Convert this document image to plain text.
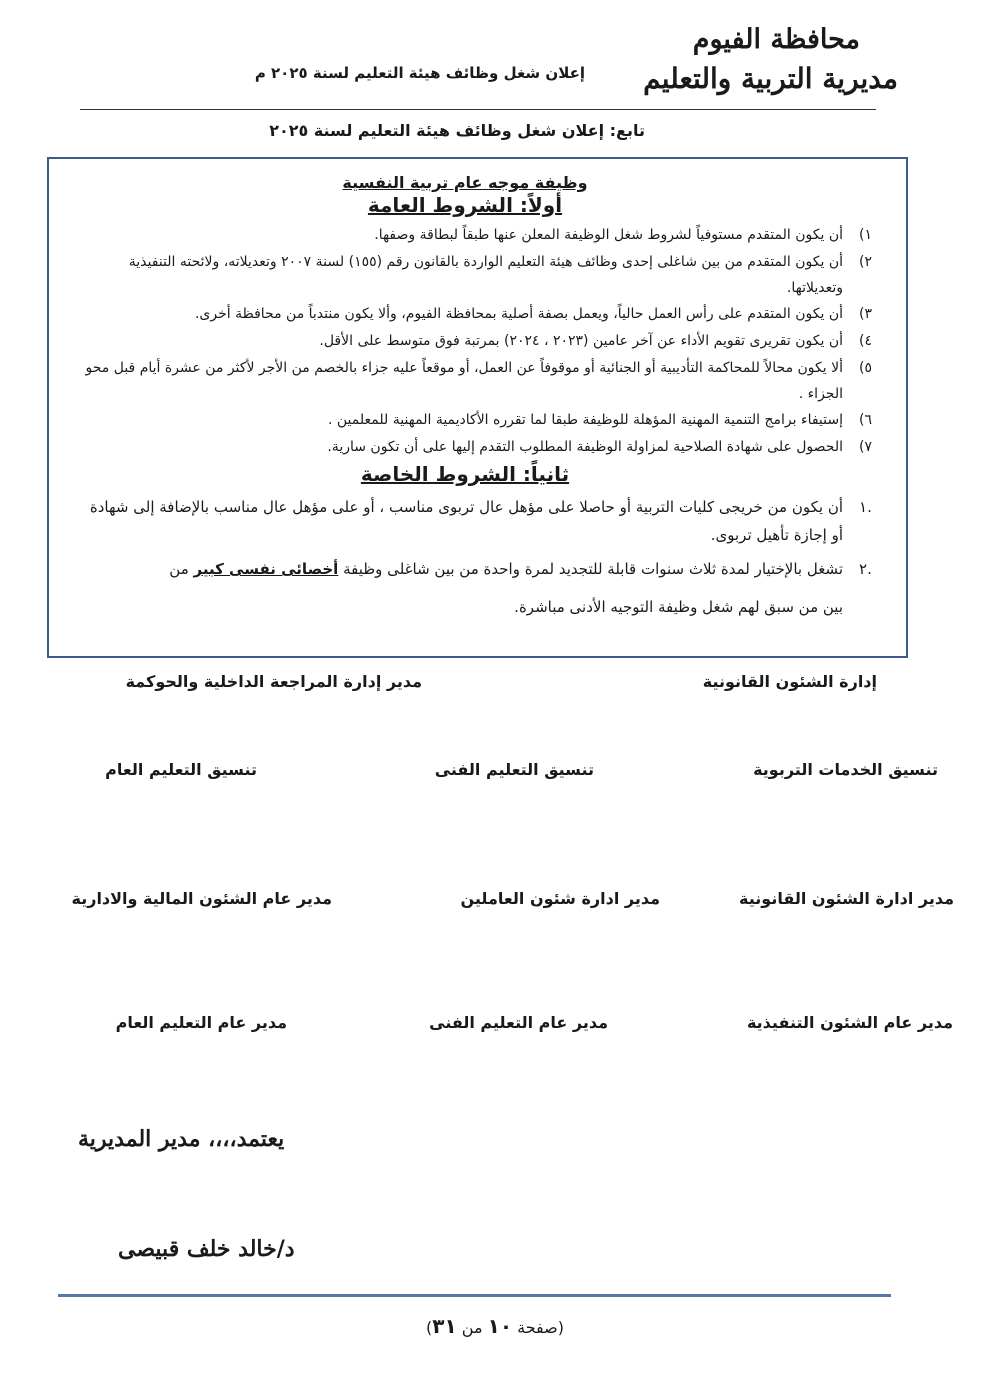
محافظة الفيوم
مديرية التربية والتعليم
إعلان شغل وظائف هيئة التعليم لسنة ٢٠٢٥ م
تابع: إعلان شغل وظائف هيئة التعليم لسنة ٢٠٢٥
وظيفة موجه عام تربية النفسية
أولاً: الشروط العامة
١)
أن يكون المتقدم مستوفياً لشروط شغل الوظيفة المعلن عنها طبقاً لبطاقة وصفها.
٢)
أن يكون المتقدم من بين شاغلى إحدى وظائف هيئة التعليم الواردة بالقانون رقم (١٥٥) لسنة ٢٠٠٧ وتعديلاته، ولائحته التنفيذية وتعديلاتها.
٣)
أن يكون المتقدم على رأس العمل حالياً، ويعمل بصفة أصلية بمحافظة الفيوم، وألا يكون منتدباً من محافظة أخرى.
٤)
أن يكون تقريرى تقويم الأداء عن آخر عامين (٢٠٢٣ ، ٢٠٢٤) بمرتبة فوق متوسط على الأقل.
٥)
ألا يكون محالاً للمحاكمة التأديبية أو الجنائية أو موقوفاً عن العمل، أو موقعاً عليه جزاء بالخصم من الأجر لأكثر من عشرة أيام قبل محو الجزاء .
٦)
إستيفاء برامج التنمية المهنية المؤهلة للوظيفة طبقا لما تقرره الأكاديمية المهنية للمعلمين .
٧)
الحصول على شهادة الصلاحية لمزاولة الوظيفة المطلوب التقدم إليها على أن تكون سارية.
ثانياً: الشروط الخاصة
.١
أن يكون من خريجى كليات التربية أو حاصلا على مؤهل عال تربوى مناسب ، أو على مؤهل عال مناسب بالإضافة إلى شهادة أو إجازة تأهيل تربوى.
.٢
تشغل بالإختيار لمدة ثلاث سنوات قابلة للتجديد لمرة واحدة من بين شاغلى وظيفة أخصائى نفسى كبير من
بين من سبق لهم شغل وظيفة التوجيه الأدنى مباشرة.
إدارة الشئون القانونية
مدير إدارة المراجعة الداخلية والحوكمة
تنسيق الخدمات التربوية
تنسيق التعليم الفنى
تنسيق التعليم العام
مدير ادارة الشئون القانونية
مدير ادارة شئون العاملين
مدير عام الشئون المالية والادارية
مدير عام الشئون التنفيذية
مدير عام التعليم الفنى
مدير عام التعليم العام
يعتمد،،،، مدير المديرية
د/خالد خلف قبيصى
(صفحة ١٠ من ٣١)
